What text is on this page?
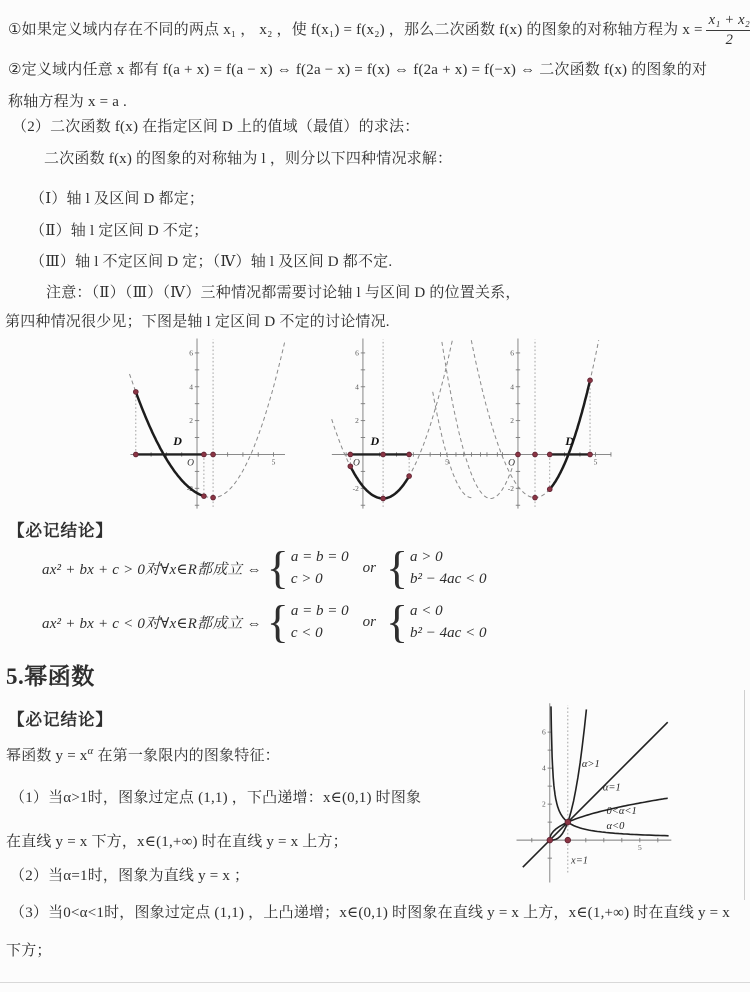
①如果定义域内存在不同的两点 x₁ ， x₂ ，使 f(x₁) = f(x₂) ，那么二次函数 f(x) 的图象的对称轴方程为 $x = \frac{\text{x₁ + x₂}}{2}$

②定义域内任意 x 都有 f(a + x) = f(a − x) ⇔ f(2a − x) = f(x) ⇔ f(2a + x) = f(−x) ⇔ 二次函数 f(x) 的图象的对

称轴方程为 x = a .

（2）二次函数 f(x) 在指定区间 D 上的值域（最值）的求法：

二次函数 f(x) 的图象的对称轴为 l ，则分以下四种情况求解：

（Ⅰ）轴 l 及区间 D 都定；

（Ⅱ）轴 l 定区间 D 不定；

（Ⅲ）轴 l 不定区间 D 定；（Ⅳ）轴 l 及区间 D 都不定.

注意：（Ⅱ）（Ⅲ）（Ⅳ）三种情况都需要讨论轴 l 与区间 D 的位置关系，

第四种情况很少见；下图是轴 l 定区间 D 不定的讨论情况.

-2
2
4
6
5
O
D
-2
2
4
6
5
O
D
-2
2
4
6
5
O
D

【必记结论】

ax² + bx + c > 0对∀x∈R都成立 ⇔
{
a = b = 0
c > 0
or
{
a > 0
b² − 4ac < 0
ax² + bx + c < 0对∀x∈R都成立 ⇔
{
a = b = 0
c < 0
or
{
a < 0
b² − 4ac < 0

5.幂函数

【必记结论】

幂函数 $y = x^\alpha$ 在第一象限内的图象特征：

（1）当α>1时，图象过定点 (1,1) ，下凸递增：x∈(0,1) 时图象

在直线 y = x 下方，x∈(1,+∞) 时在直线 y = x 上方；

（2）当α=1时，图象为直线 y = x ；

（3）当0<α<1时，图象过定点 (1,1) ，上凸递增；x∈(0,1) 时图象在直线 y = x 上方，x∈(1,+∞) 时在直线 y = x

下方；

2
4
6
5
α>1
α=1
0<α<1
α<0
x=1
